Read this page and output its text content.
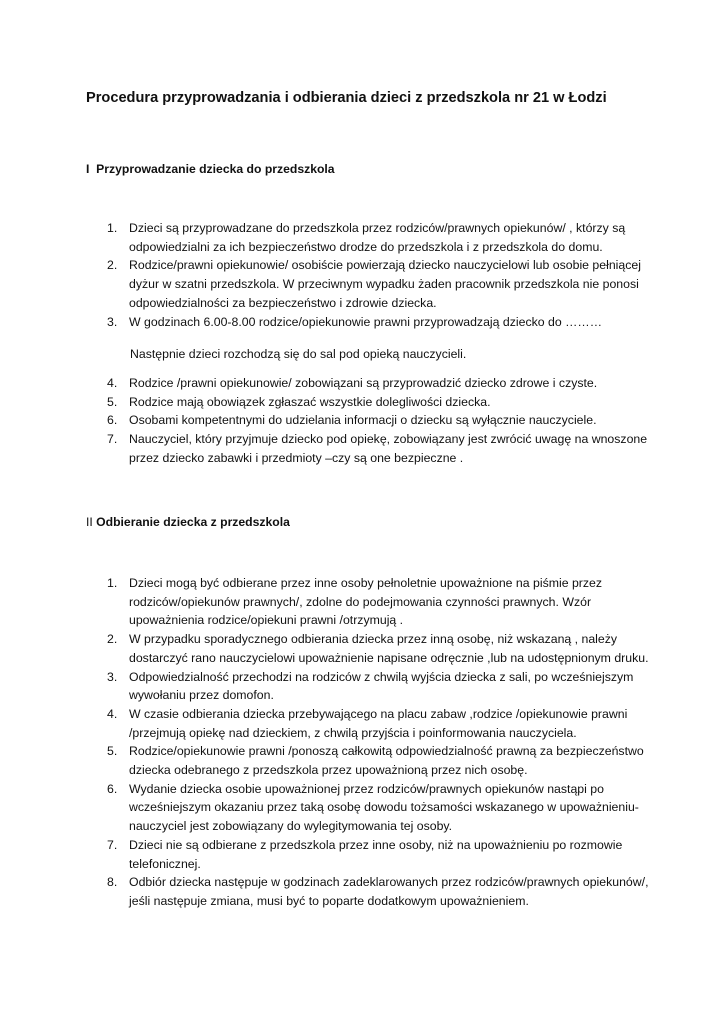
Procedura przyprowadzania i odbierania dzieci z przedszkola nr 21 w Łodzi
I Przyprowadzanie dziecka do przedszkola
1. Dzieci są przyprowadzane do przedszkola przez rodziców/prawnych opiekunów/ , którzy są odpowiedzialni za ich bezpieczeństwo drodze do przedszkola i z przedszkola do domu.
2. Rodzice/prawni opiekunowie/ osobiście powierzają dziecko nauczycielowi lub osobie pełniącej dyżur w szatni przedszkola. W przeciwnym wypadku żaden pracownik przedszkola nie ponosi odpowiedzialności za bezpieczeństwo i zdrowie dziecka.
3. W godzinach 6.00-8.00 rodzice/opiekunowie prawni przyprowadzają dziecko do ………
Następnie dzieci rozchodzą się do sal pod opieką nauczycieli.
4. Rodzice /prawni opiekunowie/ zobowiązani są przyprowadzić dziecko zdrowe i czyste.
5. Rodzice mają obowiązek zgłaszać wszystkie dolegliwości dziecka.
6. Osobami kompetentnymi do udzielania informacji o dziecku są wyłącznie nauczyciele.
7. Nauczyciel, który przyjmuje dziecko pod opiekę, zobowiązany jest zwrócić uwagę na wnoszone przez dziecko zabawki i przedmioty –czy są one bezpieczne .
II Odbieranie dziecka z przedszkola
1. Dzieci mogą być odbierane przez inne osoby pełnoletnie upoważnione na piśmie przez rodziców/opiekunów prawnych/, zdolne do podejmowania czynności prawnych. Wzór upoważnienia rodzice/opiekuni prawni /otrzymują .
2. W przypadku sporadycznego odbierania dziecka przez inną osobę, niż wskazaną , należy dostarczyć rano nauczycielowi upoważnienie napisane odręcznie ,lub na udostępnionym druku.
3. Odpowiedzialność przechodzi na rodziców z chwilą wyjścia dziecka z sali, po wcześniejszym wywołaniu przez domofon.
4. W czasie odbierania dziecka przebywającego na placu zabaw ,rodzice /opiekunowie prawni /przejmują opiekę nad dzieckiem, z chwilą przyjścia i poinformowania nauczyciela.
5. Rodzice/opiekunowie prawni /ponoszą całkowitą odpowiedzialność prawną za bezpieczeństwo dziecka odebranego z przedszkola przez upoważnioną przez nich osobę.
6. Wydanie dziecka osobie upoważnionej przez rodziców/prawnych opiekunów nastąpi po wcześniejszym okazaniu przez taką osobę dowodu tożsamości wskazanego w upoważnieniu- nauczyciel jest zobowiązany do wylegitymowania tej osoby.
7. Dzieci nie są odbierane z przedszkola przez inne osoby, niż na upoważnieniu po rozmowie telefonicznej.
8. Odbiór dziecka następuje w godzinach zadeklarowanych przez rodziców/prawnych opiekunów/, jeśli następuje zmiana, musi być to poparte dodatkowym upoważnieniem.
